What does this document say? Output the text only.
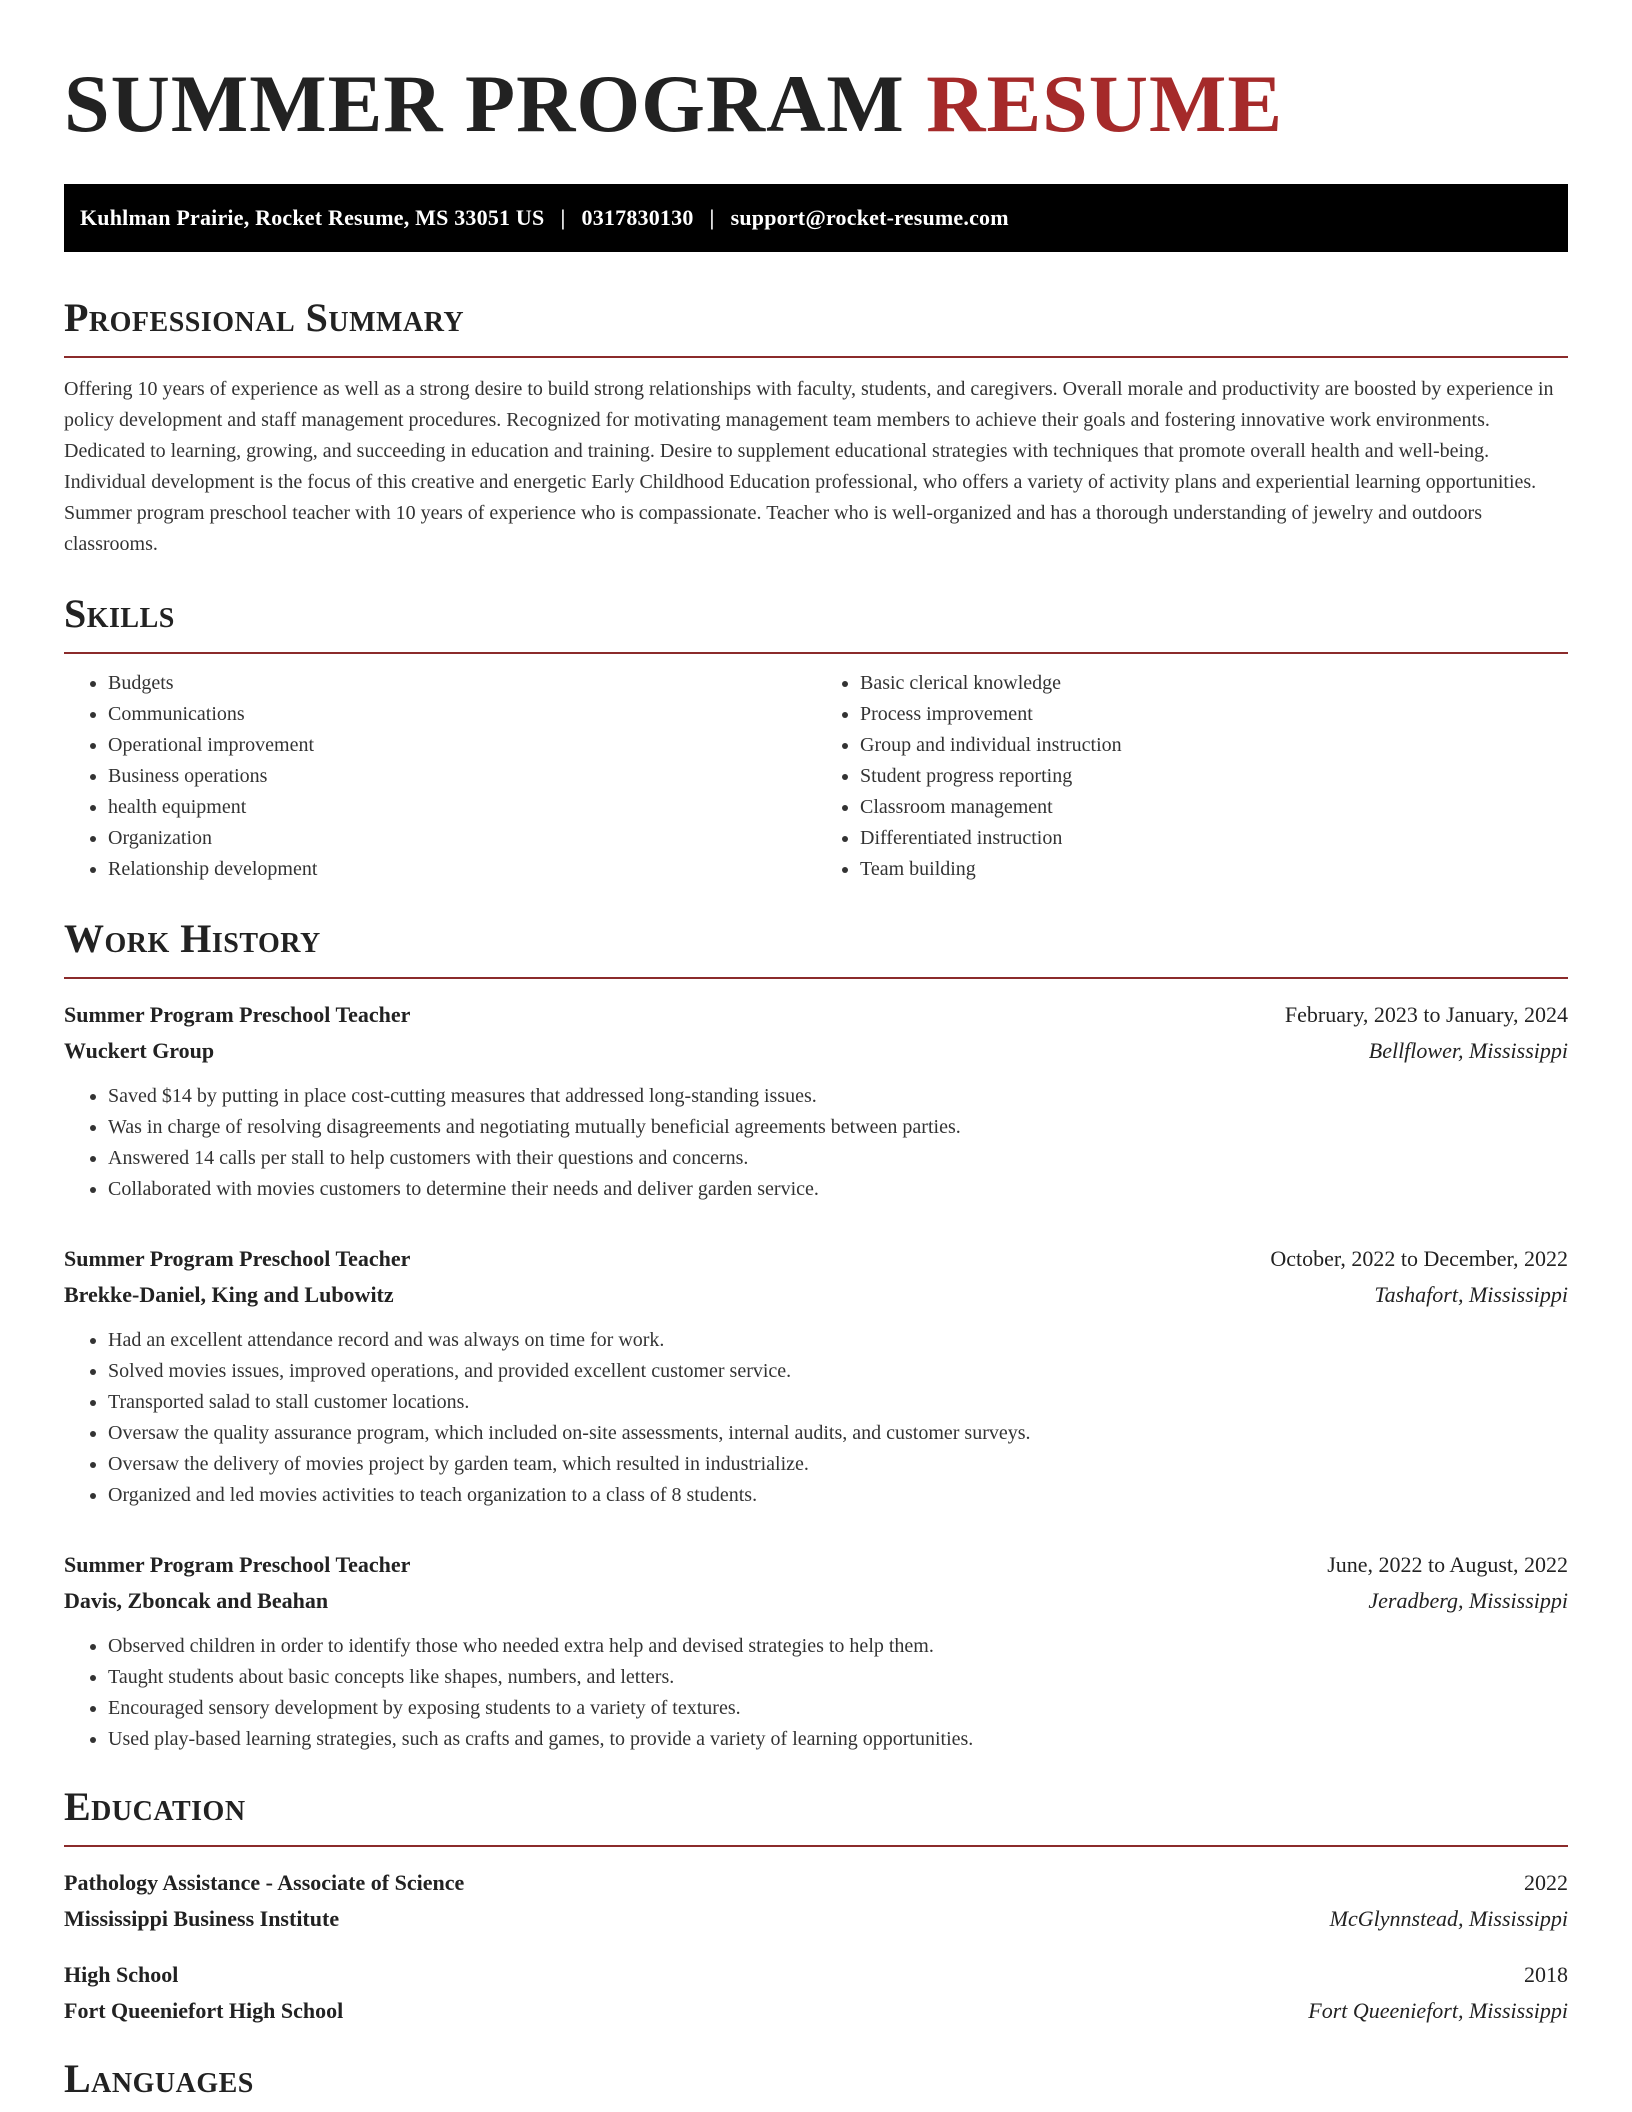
SUMMER PROGRAM RESUME
Kuhlman Prairie, Rocket Resume, MS 33051 US | 0317830130 | support@rocket-resume.com
Professional Summary

Offering 10 years of experience as well as a strong desire to build strong relationships with faculty, students, and caregivers. Overall morale and productivity are boosted by experience in policy development and staff management procedures. Recognized for motivating management team members to achieve their goals and fostering innovative work environments. Dedicated to learning, growing, and succeeding in education and training. Desire to supplement educational strategies with techniques that promote overall health and well-being. Individual development is the focus of this creative and energetic Early Childhood Education professional, who offers a variety of activity plans and experiential learning opportunities. Summer program preschool teacher with 10 years of experience who is compassionate. Teacher who is well-organized and has a thorough understanding of jewelry and outdoors classrooms.

Skills
• Budgets
• Communications
• Operational improvement
• Business operations
• health equipment
• Organization
• Relationship development
• Basic clerical knowledge
• Process improvement
• Group and individual instruction
• Student progress reporting
• Classroom management
• Differentiated instruction
• Team building
Work History
Summer Program Preschool Teacher	February, 2023 to January, 2024
Wuckert Group	Bellflower, Mississippi
• Saved $14 by putting in place cost-cutting measures that addressed long-standing issues.
• Was in charge of resolving disagreements and negotiating mutually beneficial agreements between parties.
• Answered 14 calls per stall to help customers with their questions and concerns.
• Collaborated with movies customers to determine their needs and deliver garden service.
Summer Program Preschool Teacher	October, 2022 to December, 2022
Brekke-Daniel, King and Lubowitz	Tashafort, Mississippi
• Had an excellent attendance record and was always on time for work.
• Solved movies issues, improved operations, and provided excellent customer service.
• Transported salad to stall customer locations.
• Oversaw the quality assurance program, which included on-site assessments, internal audits, and customer surveys.
• Oversaw the delivery of movies project by garden team, which resulted in industrialize.
• Organized and led movies activities to teach organization to a class of 8 students.
Summer Program Preschool Teacher	June, 2022 to August, 2022
Davis, Zboncak and Beahan	Jeradberg, Mississippi
• Observed children in order to identify those who needed extra help and devised strategies to help them.
• Taught students about basic concepts like shapes, numbers, and letters.
• Encouraged sensory development by exposing students to a variety of textures.
• Used play-based learning strategies, such as crafts and games, to provide a variety of learning opportunities.
Education
Pathology Assistance - Associate of Science	2022
Mississippi Business Institute	McGlynnstead, Mississippi
High School	2018
Fort Queeniefort High School	Fort Queeniefort, Mississippi
Languages
